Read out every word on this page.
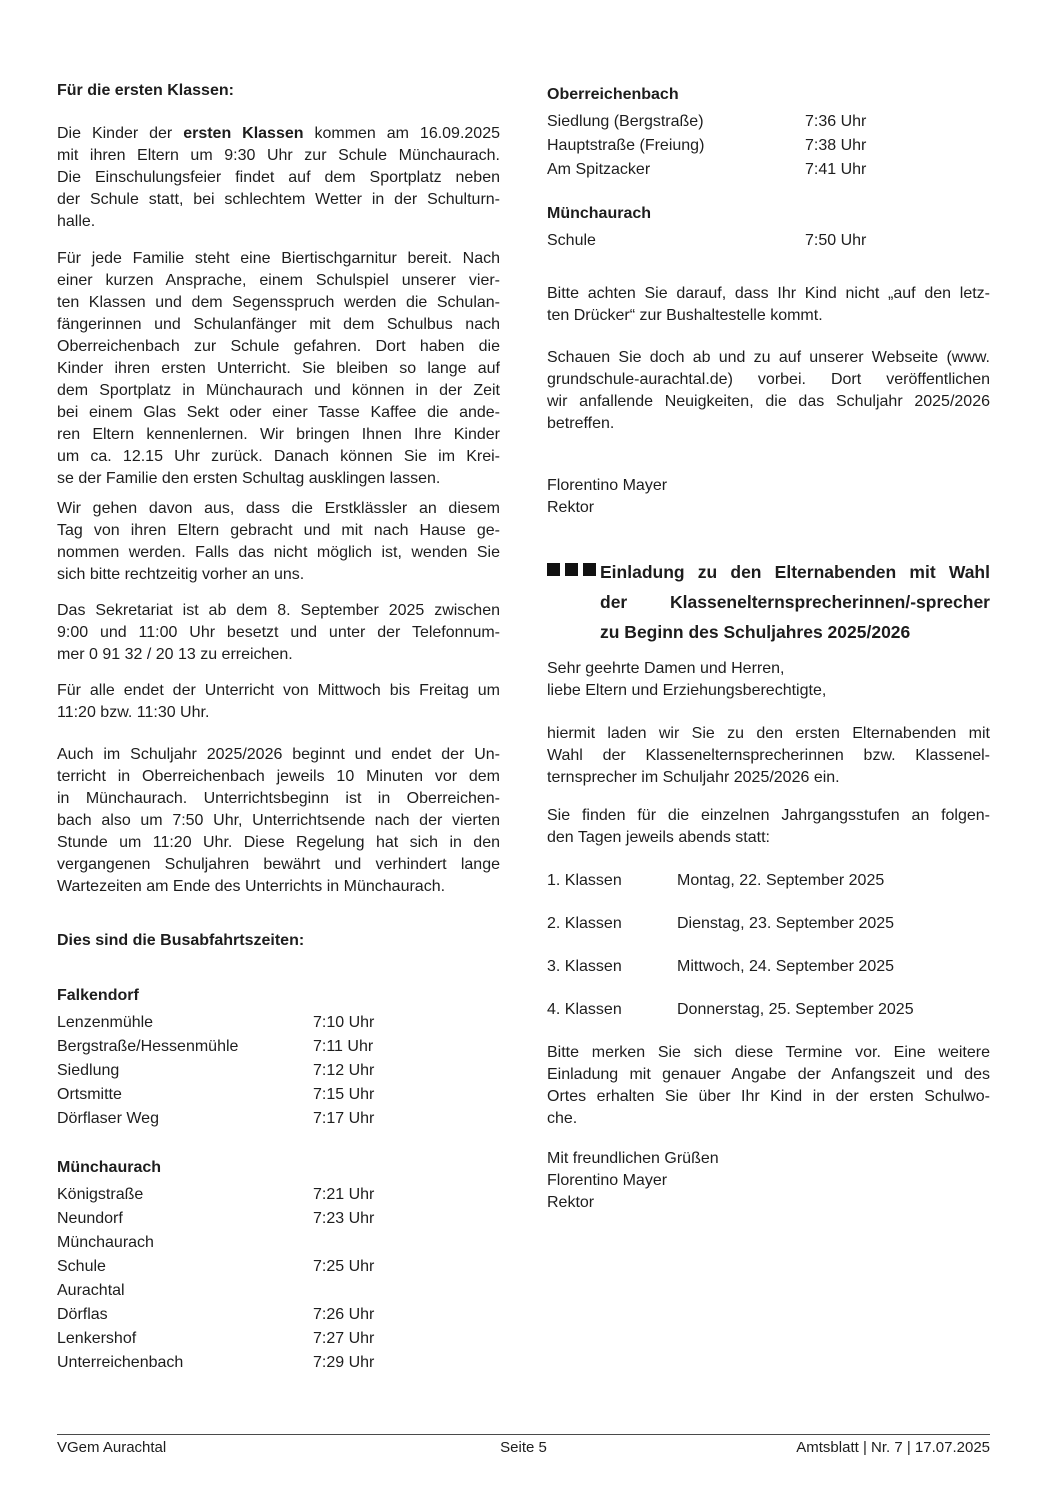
Für die ersten Klassen:
Die Kinder der ersten Klassen kommen am 16.09.2025
mit ihren Eltern um 9:30 Uhr zur Schule Münchaurach.
Die Einschulungsfeier findet auf dem Sportplatz neben
der Schule statt, bei schlechtem Wetter in der Schulturn-
halle.
Für jede Familie steht eine Biertischgarnitur bereit. Nach
einer kurzen Ansprache, einem Schulspiel unserer vier-
ten Klassen und dem Segensspruch werden die Schulan-
fängerinnen und Schulanfänger mit dem Schulbus nach
Oberreichenbach zur Schule gefahren. Dort haben die
Kinder ihren ersten Unterricht. Sie bleiben so lange auf
dem Sportplatz in Münchaurach und können in der Zeit
bei einem Glas Sekt oder einer Tasse Kaffee die ande-
ren Eltern kennenlernen. Wir bringen Ihnen Ihre Kinder
um ca. 12.15 Uhr zurück. Danach können Sie im Krei-
se der Familie den ersten Schultag ausklingen lassen.
Wir gehen davon aus, dass die Erstklässler an diesem
Tag von ihren Eltern gebracht und mit nach Hause ge-
nommen werden. Falls das nicht möglich ist, wenden Sie
sich bitte rechtzeitig vorher an uns.
Das Sekretariat ist ab dem 8. September 2025 zwischen
9:00 und 11:00 Uhr besetzt und unter der Telefonnum-
mer 0 91 32 / 20 13 zu erreichen.
Für alle endet der Unterricht von Mittwoch bis Freitag um
11:20 bzw. 11:30 Uhr.
Auch im Schuljahr 2025/2026 beginnt und endet der Un-
terricht in Oberreichenbach jeweils 10 Minuten vor dem
in Münchaurach. Unterrichtsbeginn ist in Oberreichen-
bach also um 7:50 Uhr, Unterrichtsende nach der vierten
Stunde um 11:20 Uhr. Diese Regelung hat sich in den
vergangenen Schuljahren bewährt und verhindert lange
Wartezeiten am Ende des Unterrichts in Münchaurach.
Dies sind die Busabfahrtszeiten:
Falkendorf
Lenzenmühle	7:10 Uhr
Bergstraße/Hessenmühle	7:11 Uhr
Siedlung	7:12 Uhr
Ortsmitte	7:15 Uhr
Dörflaser Weg	7:17 Uhr
Münchaurach
Königstraße	7:21 Uhr
Neundorf	7:23 Uhr
Münchaurach
Schule	7:25 Uhr
Aurachtal
Dörflas	7:26 Uhr
Lenkershof	7:27 Uhr
Unterreichenbach	7:29 Uhr
Oberreichenbach
Siedlung (Bergstraße)	7:36 Uhr
Hauptstraße (Freiung)	7:38 Uhr
Am Spitzacker	7:41 Uhr
Münchaurach
Schule	7:50 Uhr
Bitte achten Sie darauf, dass Ihr Kind nicht „auf den letz-
ten Drücker“ zur Bushaltestelle kommt.
Schauen Sie doch ab und zu auf unserer Webseite (www.
grundschule-aurachtal.de) vorbei. Dort veröffentlichen
wir anfallende Neuigkeiten, die das Schuljahr 2025/2026
betreffen.
Florentino Mayer
Rektor
Einladung zu den Elternabenden mit Wahl
der Klassenelternsprecherinnen/-sprecher
zu Beginn des Schuljahres 2025/2026
Sehr geehrte Damen und Herren,
liebe Eltern und Erziehungsberechtigte,
hiermit laden wir Sie zu den ersten Elternabenden mit
Wahl der Klassenelternsprecherinnen bzw. Klassenel-
ternsprecher im Schuljahr 2025/2026 ein.
Sie finden für die einzelnen Jahrgangsstufen an folgen-
den Tagen jeweils abends statt:
1. Klassen	Montag, 22. September 2025
2. Klassen	Dienstag, 23. September 2025
3. Klassen	Mittwoch, 24. September 2025
4. Klassen	Donnerstag, 25. September 2025
Bitte merken Sie sich diese Termine vor. Eine weitere
Einladung mit genauer Angabe der Anfangszeit und des
Ortes erhalten Sie über Ihr Kind in der ersten Schulwo-
che.
Mit freundlichen Grüßen
Florentino Mayer
Rektor
VGem Aurachtal	Seite 5	Amtsblatt | Nr. 7 | 17.07.2025
